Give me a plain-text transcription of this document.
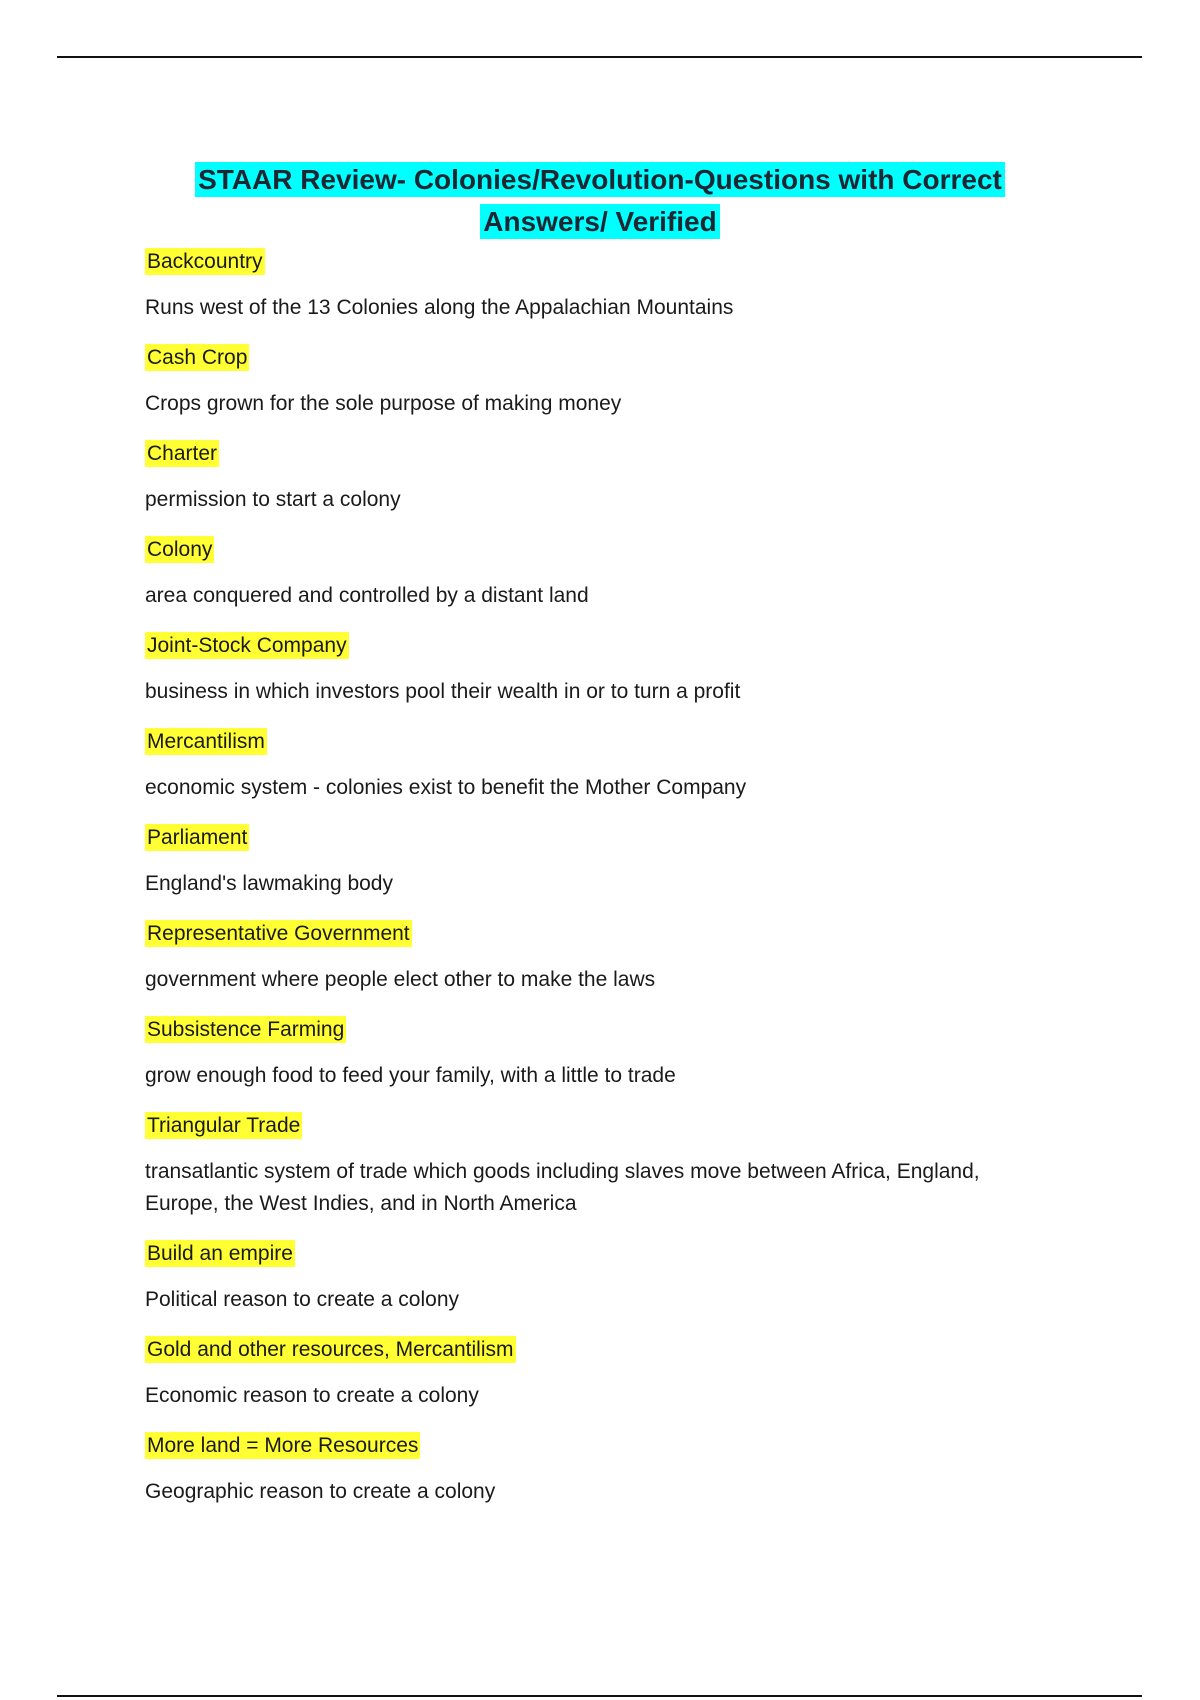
STAAR Review- Colonies/Revolution-Questions with Correct
Answers/ Verified
Backcountry
Runs west of the 13 Colonies along the Appalachian Mountains
Cash Crop
Crops grown for the sole purpose of making money
Charter
permission to start a colony
Colony
area conquered and controlled by a distant land
Joint-Stock Company
business in which investors pool their wealth in or to turn a profit
Mercantilism
economic system - colonies exist to benefit the Mother Company
Parliament
England's lawmaking body
Representative Government
government where people elect other to make the laws
Subsistence Farming
grow enough food to feed your family, with a little to trade
Triangular Trade
transatlantic system of trade which goods including slaves move between Africa, England, Europe, the West Indies, and in North America
Build an empire
Political reason to create a colony
Gold and other resources, Mercantilism
Economic reason to create a colony
More land = More Resources
Geographic reason to create a colony
